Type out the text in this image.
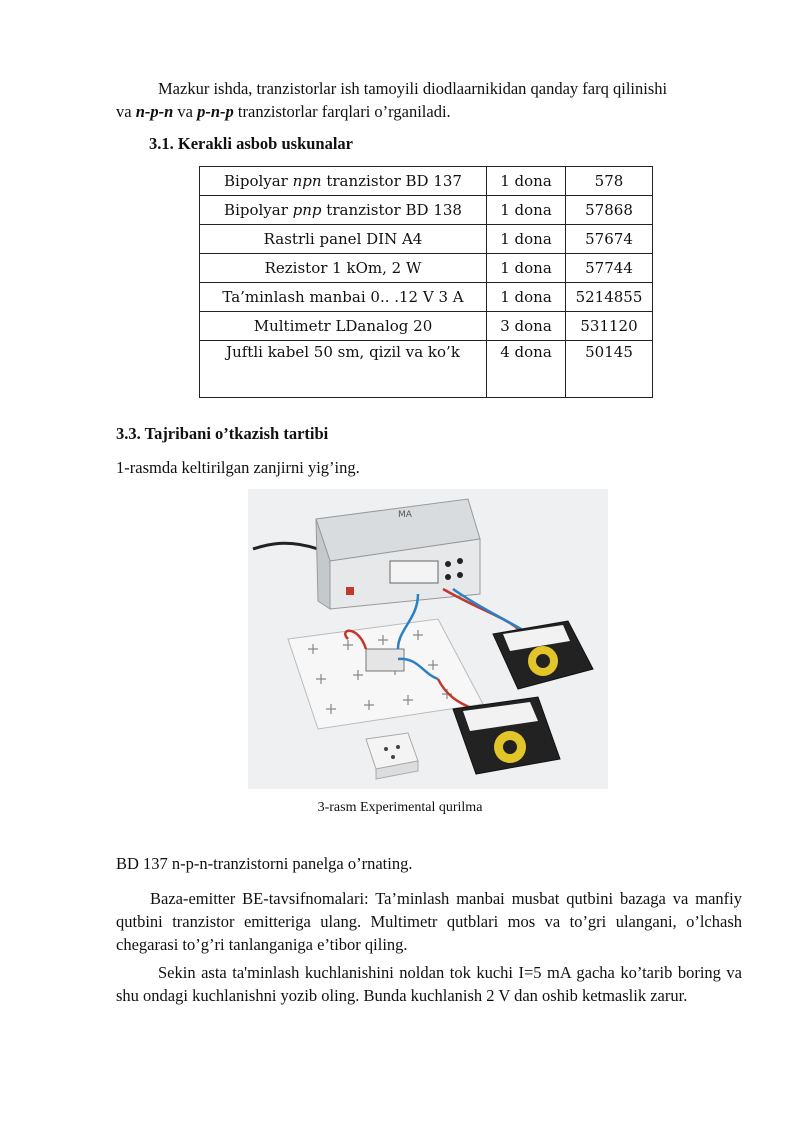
Mazkur ishda, tranzistorlar ish tamoyili diodlaarnikidan qanday farq qilinishi
va n-p-n va p-n-p tranzistorlar farqlari o’rganiladi.

3.1. Kerakli asbob uskunalar

Bipolyar npn tranzistor BD 137	1 dona	578
Bipolyar pnp tranzistor BD 138	1 dona	57868
Rastrli panel DIN A4	1 dona	57674
Rezistor 1 kOm, 2 W	1 dona	57744
Ta’minlash manbai 0.. .12 V 3 A	1 dona	5214855
Multimetr LDanalog 20	3 dona	531120
Juftli kabel 50 sm, qizil va ko’k	4 dona	50145

3.3. Tajribani o’tkazish tartibi

1-rasmda keltirilgan zanjirni yig’ing.

MA

3-rasm Experimental qurilma

BD 137 n-p-n-tranzistorni panelga o’rnating.

Baza-emitter BE-tavsifnomalari: Ta’minlash manbai musbat qutbini bazaga va manfiy qutbini tranzistor emitteriga ulang. Multimetr qutblari mos va to’gri ulangani, o’lchash chegarasi to’g’ri tanlanganiga e’tibor qiling.

Sekin asta ta'minlash kuchlanishini noldan tok kuchi I=5 mA gacha ko’tarib boring va shu ondagi kuchlanishni yozib oling. Bunda kuchlanish 2 V dan oshib ketmaslik zarur.
